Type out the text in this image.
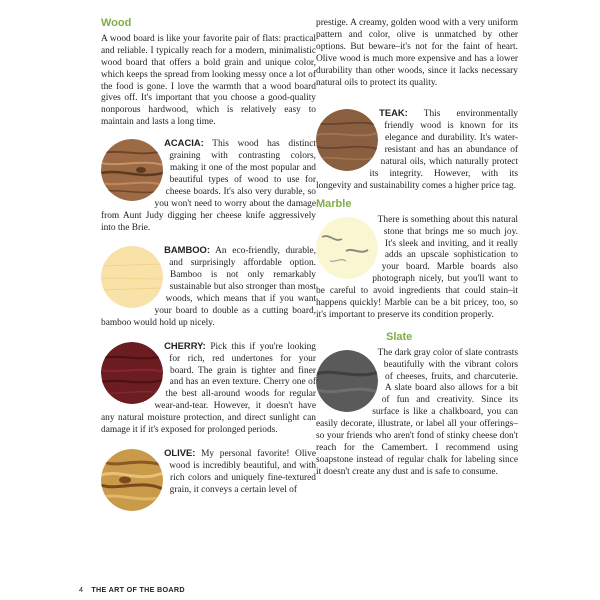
Wood

A wood board is like your favorite pair of flats: practical and reliable. I typically reach for a modern, minimalistic wood board that offers a bold grain and unique color, which keeps the spread from looking messy once a lot of the food is gone. I love the warmth that a wood board gives off. It's important that you choose a good-quality nonporous hardwood, which is relatively easy to maintain and lasts a long time.

ACACIA: This wood has distinct graining with contrasting colors, making it one of the most popular and beautiful types of wood to use for cheese boards. It's also very durable, so you won't need to worry about the damage from Aunt Judy digging her cheese knife aggressively into the Brie.

BAMBOO: An eco-friendly, durable, and surprisingly affordable option. Bamboo is not only remarkably sustainable but also stronger than most woods, which means that if you want your board to double as a cutting board, bamboo would hold up nicely.

CHERRY: Pick this if you're looking for rich, red undertones for your board. The grain is tighter and finer and has an even texture. Cherry one of the best all-around woods for regular wear-and-tear. However, it doesn't have any natural moisture protection, and direct sunlight can damage it if it's exposed for prolonged periods.

OLIVE: My personal favorite! Olive wood is incredibly beautiful, and with rich colors and uniquely fine-textured grain, it conveys a certain level of

prestige. A creamy, golden wood with a very uniform pattern and color, olive is unmatched by other options. But beware–it's not for the faint of heart. Olive wood is much more expensive and has a lower durability than other woods, since it lacks necessary natural oils to protect its quality.

TEAK: This environmentally friendly wood is known for its elegance and durability. It's water-resistant and has an abundance of natural oils, which naturally protect its integrity. However, with its longevity and sustainability comes a higher price tag.

Marble

There is something about this natural stone that brings me so much joy. It's sleek and inviting, and it really adds an upscale sophistication to your board. Marble boards also photograph nicely, but you'll want to be careful to avoid ingredients that could stain–it happens quickly! Marble can be a bit pricey, too, so it's important to preserve its condition properly.

Slate

The dark gray color of slate contrasts beautifully with the vibrant colors of cheeses, fruits, and charcuterie. A slate board also allows for a bit of fun and creativity. Since its surface is like a chalkboard, you can easily decorate, illustrate, or label all your offerings–so your friends who aren't fond of stinky cheese don't reach for the Camembert. I recommend using soapstone instead of regular chalk for labeling since it doesn't create any dust and is safe to consume.

4 THE ART OF THE BOARD
